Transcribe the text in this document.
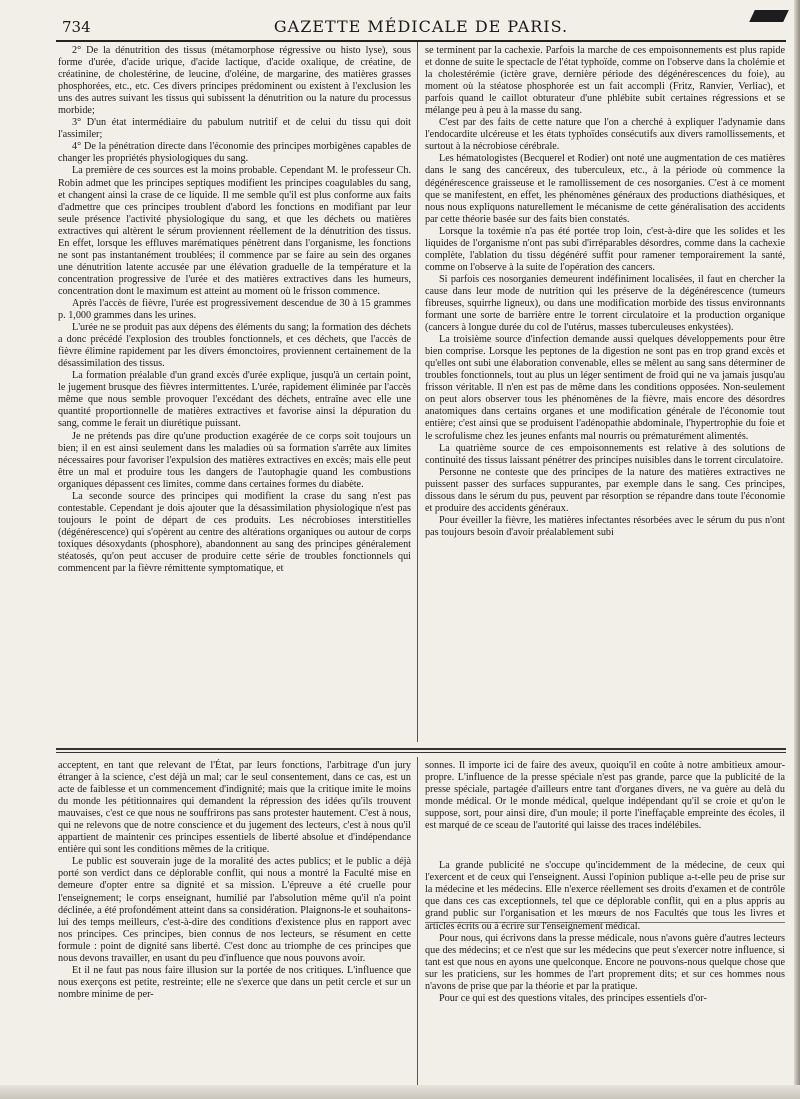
734	GAZETTE MÉDICALE DE PARIS.

2° De la dénutrition des tissus (métamorphose régressive ou histo lyse), sous forme d'urée, d'acide urique, d'acide lactique, d'acide oxalique, de créatine, de créatinine, de cholestérine, de leucine, d'oléine, de margarine, des matières grasses phosphorées, etc., etc. Ces divers principes prédominent ou existent à l'exclusion les uns des autres suivant les tissus qui subissent la dénutrition ou la nature du processus morbide;

3° D'un état intermédiaire du pabulum nutritif et de celui du tissu qui doit l'assimiler;

4° De la pénétration directe dans l'économie des principes morbigènes capables de changer les propriétés physiologiques du sang.

La première de ces sources est la moins probable. Cependant M. le professeur Ch. Robin admet que les principes septiques modifient les principes coagulables du sang, et changent ainsi la crase de ce liquide. Il me semble qu'il est plus conforme aux faits d'admettre que ces principes troublent d'abord les fonctions en modifiant par leur seule présence l'activité physiologique du sang, et que les déchets ou matières extractives qui altèrent le sérum proviennent réellement de la dénutrition des tissus. En effet, lorsque les effluves marématiques pénètrent dans l'organisme, les fonctions ne sont pas instantanément troublées; il commence par se faire au sein des organes une dénutrition latente accusée par une élévation graduelle de la température et la concentration progressive de l'urée et des matières extractives dans les humeurs, concentration dont le maximum est atteint au moment où le frisson commence.

Après l'accès de fièvre, l'urée est progressivement descendue de 30 à 15 grammes p. 1,000 grammes dans les urines.

L'urée ne se produit pas aux dépens des éléments du sang; la formation des déchets a donc précédé l'explosion des troubles fonctionnels, et ces déchets, que l'accès de fièvre élimine rapidement par les divers émonctoires, proviennent certainement de la désassimilation des tissus.

La formation préalable d'un grand excès d'urée explique, jusqu'à un certain point, le jugement brusque des fièvres intermittentes. L'urée, rapidement éliminée par l'accès même que nous semble provoquer l'excédant des déchets, entraîne avec elle une quantité proportionnelle de matières extractives et favorise ainsi la dépuration du sang, comme le ferait un diurétique puissant.

Je ne prétends pas dire qu'une production exagérée de ce corps soit toujours un bien; il en est ainsi seulement dans les maladies où sa formation s'arrête aux limites nécessaires pour favoriser l'expulsion des matières extractives en excès; mais elle peut être un mal et produire tous les dangers de l'autophagie quand les combustions organiques dépassent ces limites, comme dans certaines formes du diabète.

La seconde source des principes qui modifient la crase du sang n'est pas contestable. Cependant je dois ajouter que la désassimilation physiologique n'est pas toujours le point de départ de ces produits. Les nécrobioses interstitielles (dégénérescence) qui s'opèrent au centre des altérations organiques ou autour de corps toxiques désoxydants (phosphore), abandonnent au sang des principes généralement stéatosés, qu'on peut accuser de produire cette série de troubles fonctionnels qui commencent par la fièvre rémittente symptomatique, et

se terminent par la cachexie. Parfois la marche de ces empoisonnements est plus rapide et donne de suite le spectacle de l'état typhoïde, comme on l'observe dans la cholémie et la cholestérémie (ictère grave, dernière période des dégénérescences du foie), au moment où la stéatose phosphorée est un fait accompli (Fritz, Ranvier, Verliac), et parfois quand le caillot obturateur d'une phlébite subit certaines régressions et se mélange peu à peu à la masse du sang.

C'est par des faits de cette nature que l'on a cherché à expliquer l'adynamie dans l'endocardite ulcéreuse et les états typhoïdes consécutifs aux divers ramollissements, et surtout à la nécrobiose cérébrale.

Les hématologistes (Becquerel et Rodier) ont noté une augmentation de ces matières dans le sang des cancéreux, des tuberculeux, etc., à la période où commence la dégénérescence graisseuse et le ramollissement de ces nosorganies. C'est à ce moment que se manifestent, en effet, les phénomènes généraux des productions diathésiques, et nous nous expliquons naturellement le mécanisme de cette généralisation des accidents par cette théorie basée sur des faits bien constatés.

Lorsque la toxémie n'a pas été portée trop loin, c'est-à-dire que les solides et les liquides de l'organisme n'ont pas subi d'irréparables désordres, comme dans la cachexie complète, l'ablation du tissu dégénéré suffit pour ramener temporairement la santé, comme on l'observe à la suite de l'opération des cancers.

Si parfois ces nosorganies demeurent indéfiniment localisées, il faut en chercher la cause dans leur mode de nutrition qui les préserve de la dégénérescence (tumeurs fibreuses, squirrhe ligneux), ou dans une modification morbide des tissus environnants formant une sorte de barrière entre le torrent circulatoire et la production organique (cancers à longue durée du col de l'utérus, masses tuberculeuses enkystées).

La troisième source d'infection demande aussi quelques développements pour être bien comprise. Lorsque les peptones de la digestion ne sont pas en trop grand excès et qu'elles ont subi une élaboration convenable, elles se mêlent au sang sans déterminer de troubles fonctionnels, tout au plus un léger sentiment de froid qui ne va jamais jusqu'au frisson véritable. Il n'en est pas de même dans les conditions opposées. Non-seulement on peut alors observer tous les phénomènes de la fièvre, mais encore des désordres anatomiques dans certains organes et une modification générale de l'économie tout entière; c'est ainsi que se produisent l'adénopathie abdominale, l'hypertrophie du foie et le scrofulisme chez les jeunes enfants mal nourris ou prématurément alimentés.

La quatrième source de ces empoisonnements est relative à des solutions de continuité des tissus laissant pénétrer des principes nuisibles dans le torrent circulatoire.

Personne ne conteste que des principes de la nature des matières extractives ne puissent passer des surfaces suppurantes, par exemple dans le sang. Ces principes, dissous dans le sérum du pus, peuvent par résorption se répandre dans toute l'économie et produire des accidents généraux.

Pour éveiller la fièvre, les matières infectantes résorbées avec le sérum du pus n'ont pas toujours besoin d'avoir préalablement subi

acceptent, en tant que relevant de l'État, par leurs fonctions, l'arbitrage d'un jury étranger à la science, c'est déjà un mal; car le seul consentement, dans ce cas, est un acte de faiblesse et un commencement d'indignité; mais que la critique imite le moins du monde les pétitionnaires qui demandent la répression des idées qu'ils trouvent mauvaises, c'est ce que nous ne souffrirons pas sans protester hautement. C'est à nous, qui ne relevons que de notre conscience et du jugement des lecteurs, c'est à nous qu'il appartient de maintenir ces principes essentiels de liberté absolue et d'indépendance entière qui sont les conditions mêmes de la critique.

Le public est souverain juge de la moralité des actes publics; et le public a déjà porté son verdict dans ce déplorable conflit, qui nous a montré la Faculté mise en demeure d'opter entre sa dignité et sa mission. L'épreuve a été cruelle pour l'enseignement; le corps enseignant, humilié par l'absolution même qu'il n'a point déclinée, a été profondément atteint dans sa considération. Plaignons-le et souhaitons-lui des temps meilleurs, c'est-à-dire des conditions d'existence plus en rapport avec nos principes. Ces principes, bien connus de nos lecteurs, se résument en cette formule : point de dignité sans liberté. C'est donc au triomphe de ces principes que nous devons travailler, en usant du peu d'influence que nous pouvons avoir.

Et il ne faut pas nous faire illusion sur la portée de nos critiques. L'influence que nous exerçons est petite, restreinte; elle ne s'exerce que dans un petit cercle et sur un nombre minime de per-

sonnes. Il importe ici de faire des aveux, quoiqu'il en coûte à notre ambitieux amour-propre. L'influence de la presse spéciale n'est pas grande, parce que la publicité de la presse spéciale, partagée d'ailleurs entre tant d'organes divers, ne va guère au delà du monde médical. Or le monde médical, quelque indépendant qu'il se croie et qu'on le suppose, sort, pour ainsi dire, d'un moule; il porte l'ineffaçable empreinte des écoles, il est marqué de ce sceau de l'autorité qui laisse des traces indélébiles.

La grande publicité ne s'occupe qu'incidemment de la médecine, de ceux qui l'exercent et de ceux qui l'enseignent. Aussi l'opinion publique a-t-elle peu de prise sur la médecine et les médecins. Elle n'exerce réellement ses droits d'examen et de contrôle que dans ces cas exceptionnels, tel que ce déplorable conflit, qui en a plus appris au grand public sur l'organisation et les mœurs de nos Facultés que tous les livres et articles écrits ou à écrire sur l'enseignement médical.

Pour nous, qui écrivons dans la presse médicale, nous n'avons guère d'autres lecteurs que des médecins; et ce n'est que sur les médecins que peut s'exercer notre influence, si tant est que nous en ayons une quelconque. Encore ne pouvons-nous quelque chose que sur les praticiens, sur les hommes de l'art proprement dits; et sur ces hommes nous n'avons de prise que par la théorie et par la pratique.

Pour ce qui est des questions vitales, des principes essentiels d'or-
